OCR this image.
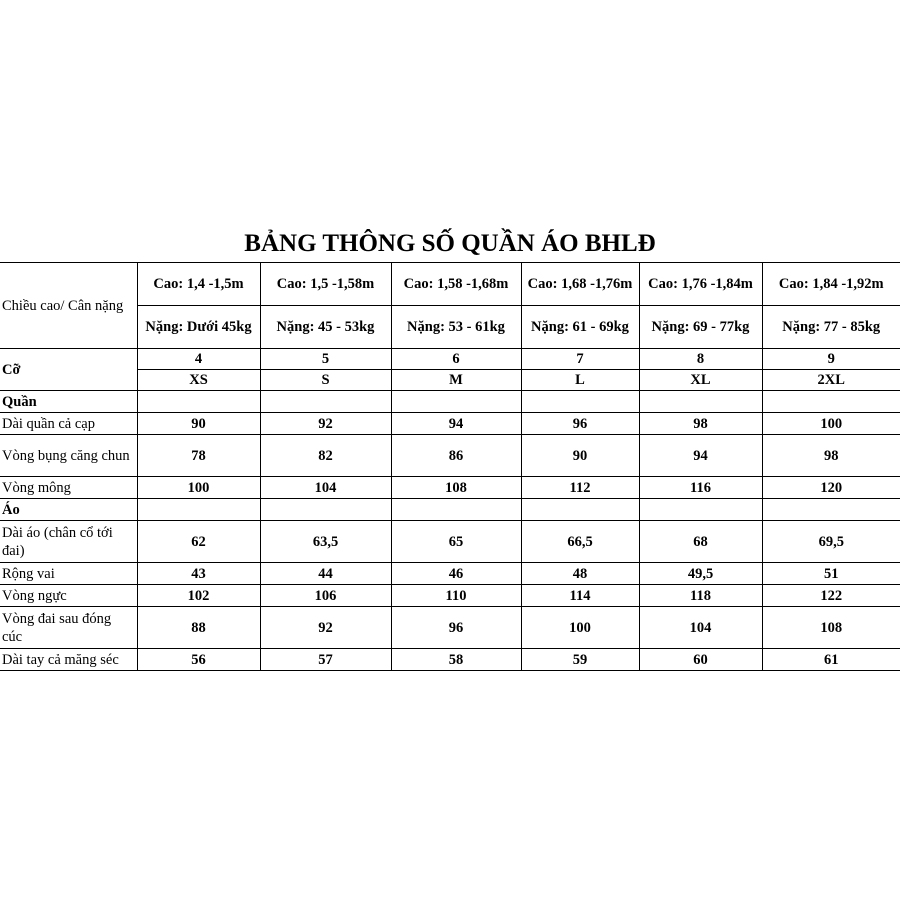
BẢNG THÔNG SỐ QUẦN ÁO BHLĐ
Chiều cao/ Cân nặng	Cao: 1,4 -1,5m	Cao: 1,5 -1,58m	Cao: 1,58 -1,68m	Cao: 1,68 -1,76m	Cao: 1,76 -1,84m	Cao: 1,84 -1,92m
	Nặng: Dưới 45kg	Nặng: 45 - 53kg	Nặng: 53 - 61kg	Nặng: 61 - 69kg	Nặng: 69 - 77kg	Nặng: 77 - 85kg
Cỡ	4	5	6	7	8	9
	XS	S	M	L	XL	2XL
Quần						
Dài quần cả cạp	90	92	94	96	98	100
Vòng bụng căng chun	78	82	86	90	94	98
Vòng mông	100	104	108	112	116	120
Áo						
Dài áo (chân cổ tới đai)	62	63,5	65	66,5	68	69,5
Rộng vai	43	44	46	48	49,5	51
Vòng ngực	102	106	110	114	118	122
Vòng đai sau đóng cúc	88	92	96	100	104	108
Dài tay cả măng séc	56	57	58	59	60	61
